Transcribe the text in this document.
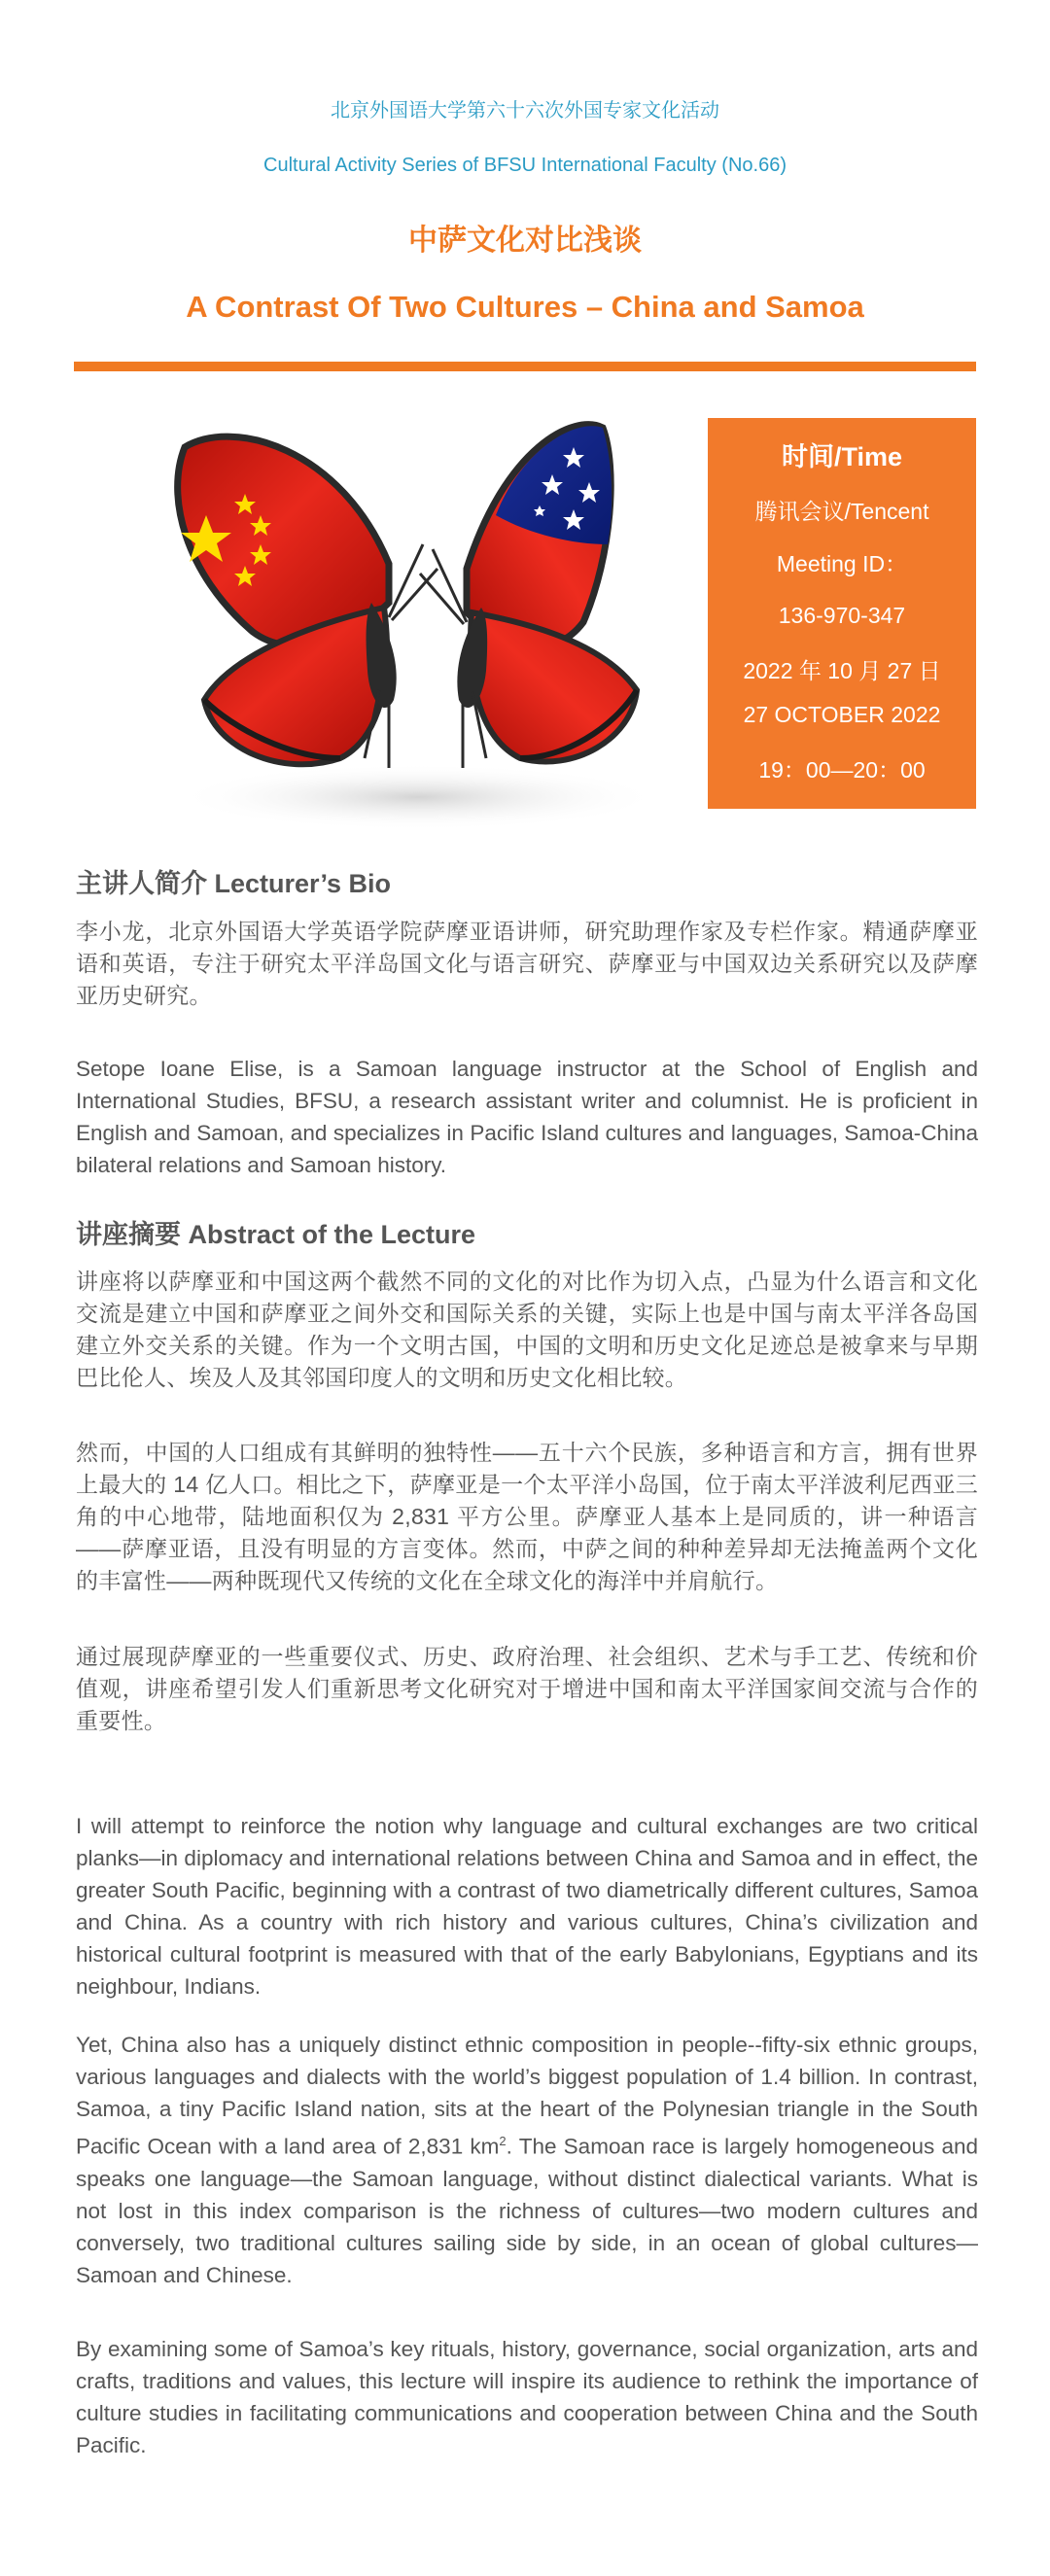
北京外国语大学第六十六次外国专家文化活动
Cultural Activity Series of BFSU International Faculty (No.66)
中萨文化对比浅谈
A Contrast Of Two Cultures – China and Samoa
时间/Time
腾讯会议/Tencent
Meeting ID：
136-970-347
2022 年 10 月 27 日
27 OCTOBER 2022
19：00—20：00
主讲人简介 Lecturer’s Bio

李小龙，北京外国语大学英语学院萨摩亚语讲师，研究助理作家及专栏作家。精通萨摩亚语和英语，专注于研究太平洋岛国文化与语言研究、萨摩亚与中国双边关系研究以及萨摩亚历史研究。

Setope Ioane Elise, is a Samoan language instructor at the School of English and International Studies, BFSU, a research assistant writer and columnist. He is proficient in English and Samoan, and specializes in Pacific Island cultures and languages, Samoa-China bilateral relations and Samoan history.

讲座摘要 Abstract of the Lecture

讲座将以萨摩亚和中国这两个截然不同的文化的对比作为切入点，凸显为什么语言和文化交流是建立中国和萨摩亚之间外交和国际关系的关键，实际上也是中国与南太平洋各岛国建立外交关系的关键。作为一个文明古国，中国的文明和历史文化足迹总是被拿来与早期巴比伦人、埃及人及其邻国印度人的文明和历史文化相比较。

然而，中国的人口组成有其鲜明的独特性——五十六个民族，多种语言和方言，拥有世界上最大的 14 亿人口。相比之下，萨摩亚是一个太平洋小岛国，位于南太平洋波利尼西亚三角的中心地带，陆地面积仅为 2,831 平方公里。萨摩亚人基本上是同质的，讲一种语言——萨摩亚语，且没有明显的方言变体。然而，中萨之间的种种差异却无法掩盖两个文化的丰富性——两种既现代又传统的文化在全球文化的海洋中并肩航行。

通过展现萨摩亚的一些重要仪式、历史、政府治理、社会组织、艺术与手工艺、传统和价值观，讲座希望引发人们重新思考文化研究对于增进中国和南太平洋国家间交流与合作的重要性。

I will attempt to reinforce the notion why language and cultural exchanges are two critical planks—in diplomacy and international relations between China and Samoa and in effect, the greater South Pacific, beginning with a contrast of two diametrically different cultures, Samoa and China. As a country with rich history and various cultures, China’s civilization and historical cultural footprint is measured with that of the early Babylonians, Egyptians and its neighbour, Indians.

Yet, China also has a uniquely distinct ethnic composition in people--fifty-six ethnic groups, various languages and dialects with the world’s biggest population of 1.4 billion. In contrast, Samoa, a tiny Pacific Island nation, sits at the heart of the Polynesian triangle in the South Pacific Ocean with a land area of 2,831 $km^2$. The Samoan race is largely homogeneous and speaks one language—the Samoan language, without distinct dialectical variants. What is not lost in this index comparison is the richness of cultures—two modern cultures and conversely, two traditional cultures sailing side by side, in an ocean of global cultures—Samoan and Chinese.

By examining some of Samoa’s key rituals, history, governance, social organization, arts and crafts, traditions and values, this lecture will inspire its audience to rethink the importance of culture studies in facilitating communications and cooperation between China and the South Pacific.
